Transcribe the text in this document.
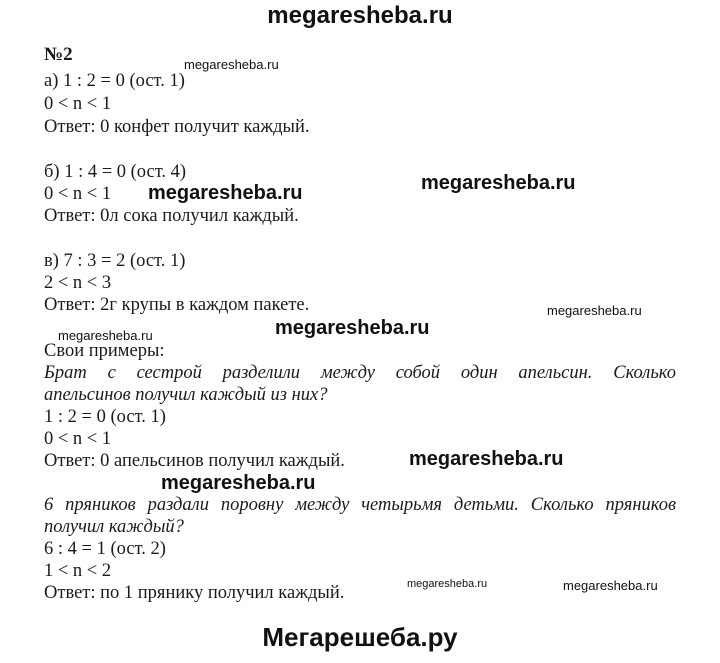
megaresheba.ru
№2	megaresheba.ru
а) 1 : 2 = 0 (ост. 1)
0 < n < 1
Ответ: 0 конфет получит каждый.
б) 1 : 4 = 0 (ост. 4)
0 < n < 1 megaresheba.ru	megaresheba.ru
Ответ: 0л сока получил каждый.
в) 7 : 3 = 2 (ост. 1)
2 < n < 3
Ответ: 2г крупы в каждом пакете.	megaresheba.ru
megaresheba.ru
megaresheba.ru
Свои примеры:
Брат с сестрой разделили между собой один апельсин. Сколько
апельсинов получил каждый из них?
1 : 2 = 0 (ост. 1)
0 < n < 1
Ответ: 0 апельсинов получил каждый.	megaresheba.ru
megaresheba.ru
6 пряников раздали поровну между четырьмя детьми. Сколько пряников
получил каждый?
6 : 4 = 1 (ост. 2)
1 < n < 2
Ответ: по 1 прянику получил каждый.	megaresheba.ru	megaresheba.ru
Мегарешеба.ру
